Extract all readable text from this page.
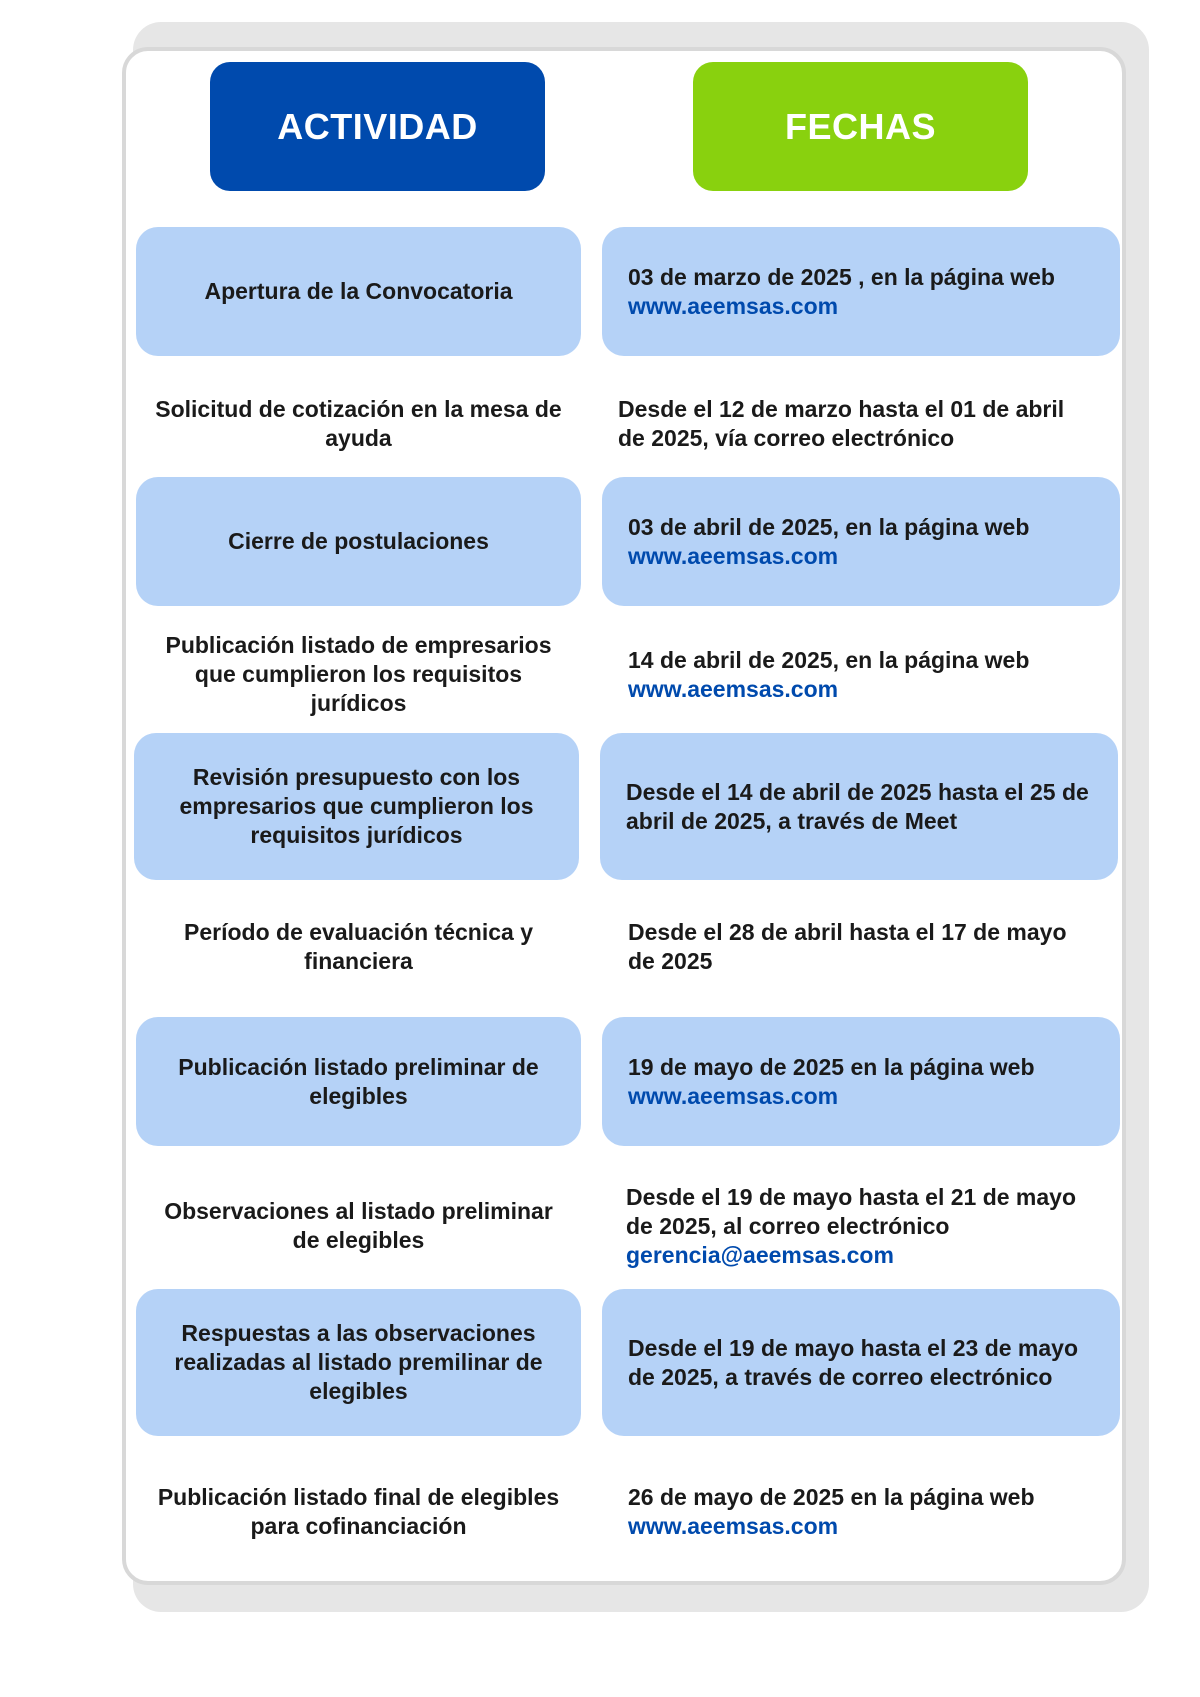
ACTIVIDAD	FECHAS
Apertura de la Convocatoria
03 de marzo de 2025 , en la página web
www.aeemsas.com
Solicitud de cotización en la mesa de ayuda
Desde el 12 de marzo hasta el 01 de abril de 2025, vía correo electrónico
Cierre de postulaciones
03 de abril de 2025, en la página web
www.aeemsas.com
Publicación listado de empresarios que cumplieron los requisitos jurídicos
14 de abril de 2025, en la página web
www.aeemsas.com
Revisión presupuesto con los empresarios que cumplieron los requisitos jurídicos
Desde el 14 de abril de 2025 hasta el 25 de abril de 2025, a través de Meet
Período de evaluación técnica y financiera
Desde el 28 de abril hasta el 17 de mayo de 2025
Publicación listado preliminar de elegibles
19 de mayo de 2025 en la página web
www.aeemsas.com
Observaciones al listado preliminar de elegibles
Desde el 19 de mayo hasta el 21 de mayo de 2025, al correo electrónico
gerencia@aeemsas.com
Respuestas a las observaciones realizadas al listado premilinar de elegibles
Desde el 19 de mayo hasta el 23 de mayo de 2025, a través de correo electrónico
Publicación listado final de elegibles para cofinanciación
26 de mayo de 2025 en la página web
www.aeemsas.com
